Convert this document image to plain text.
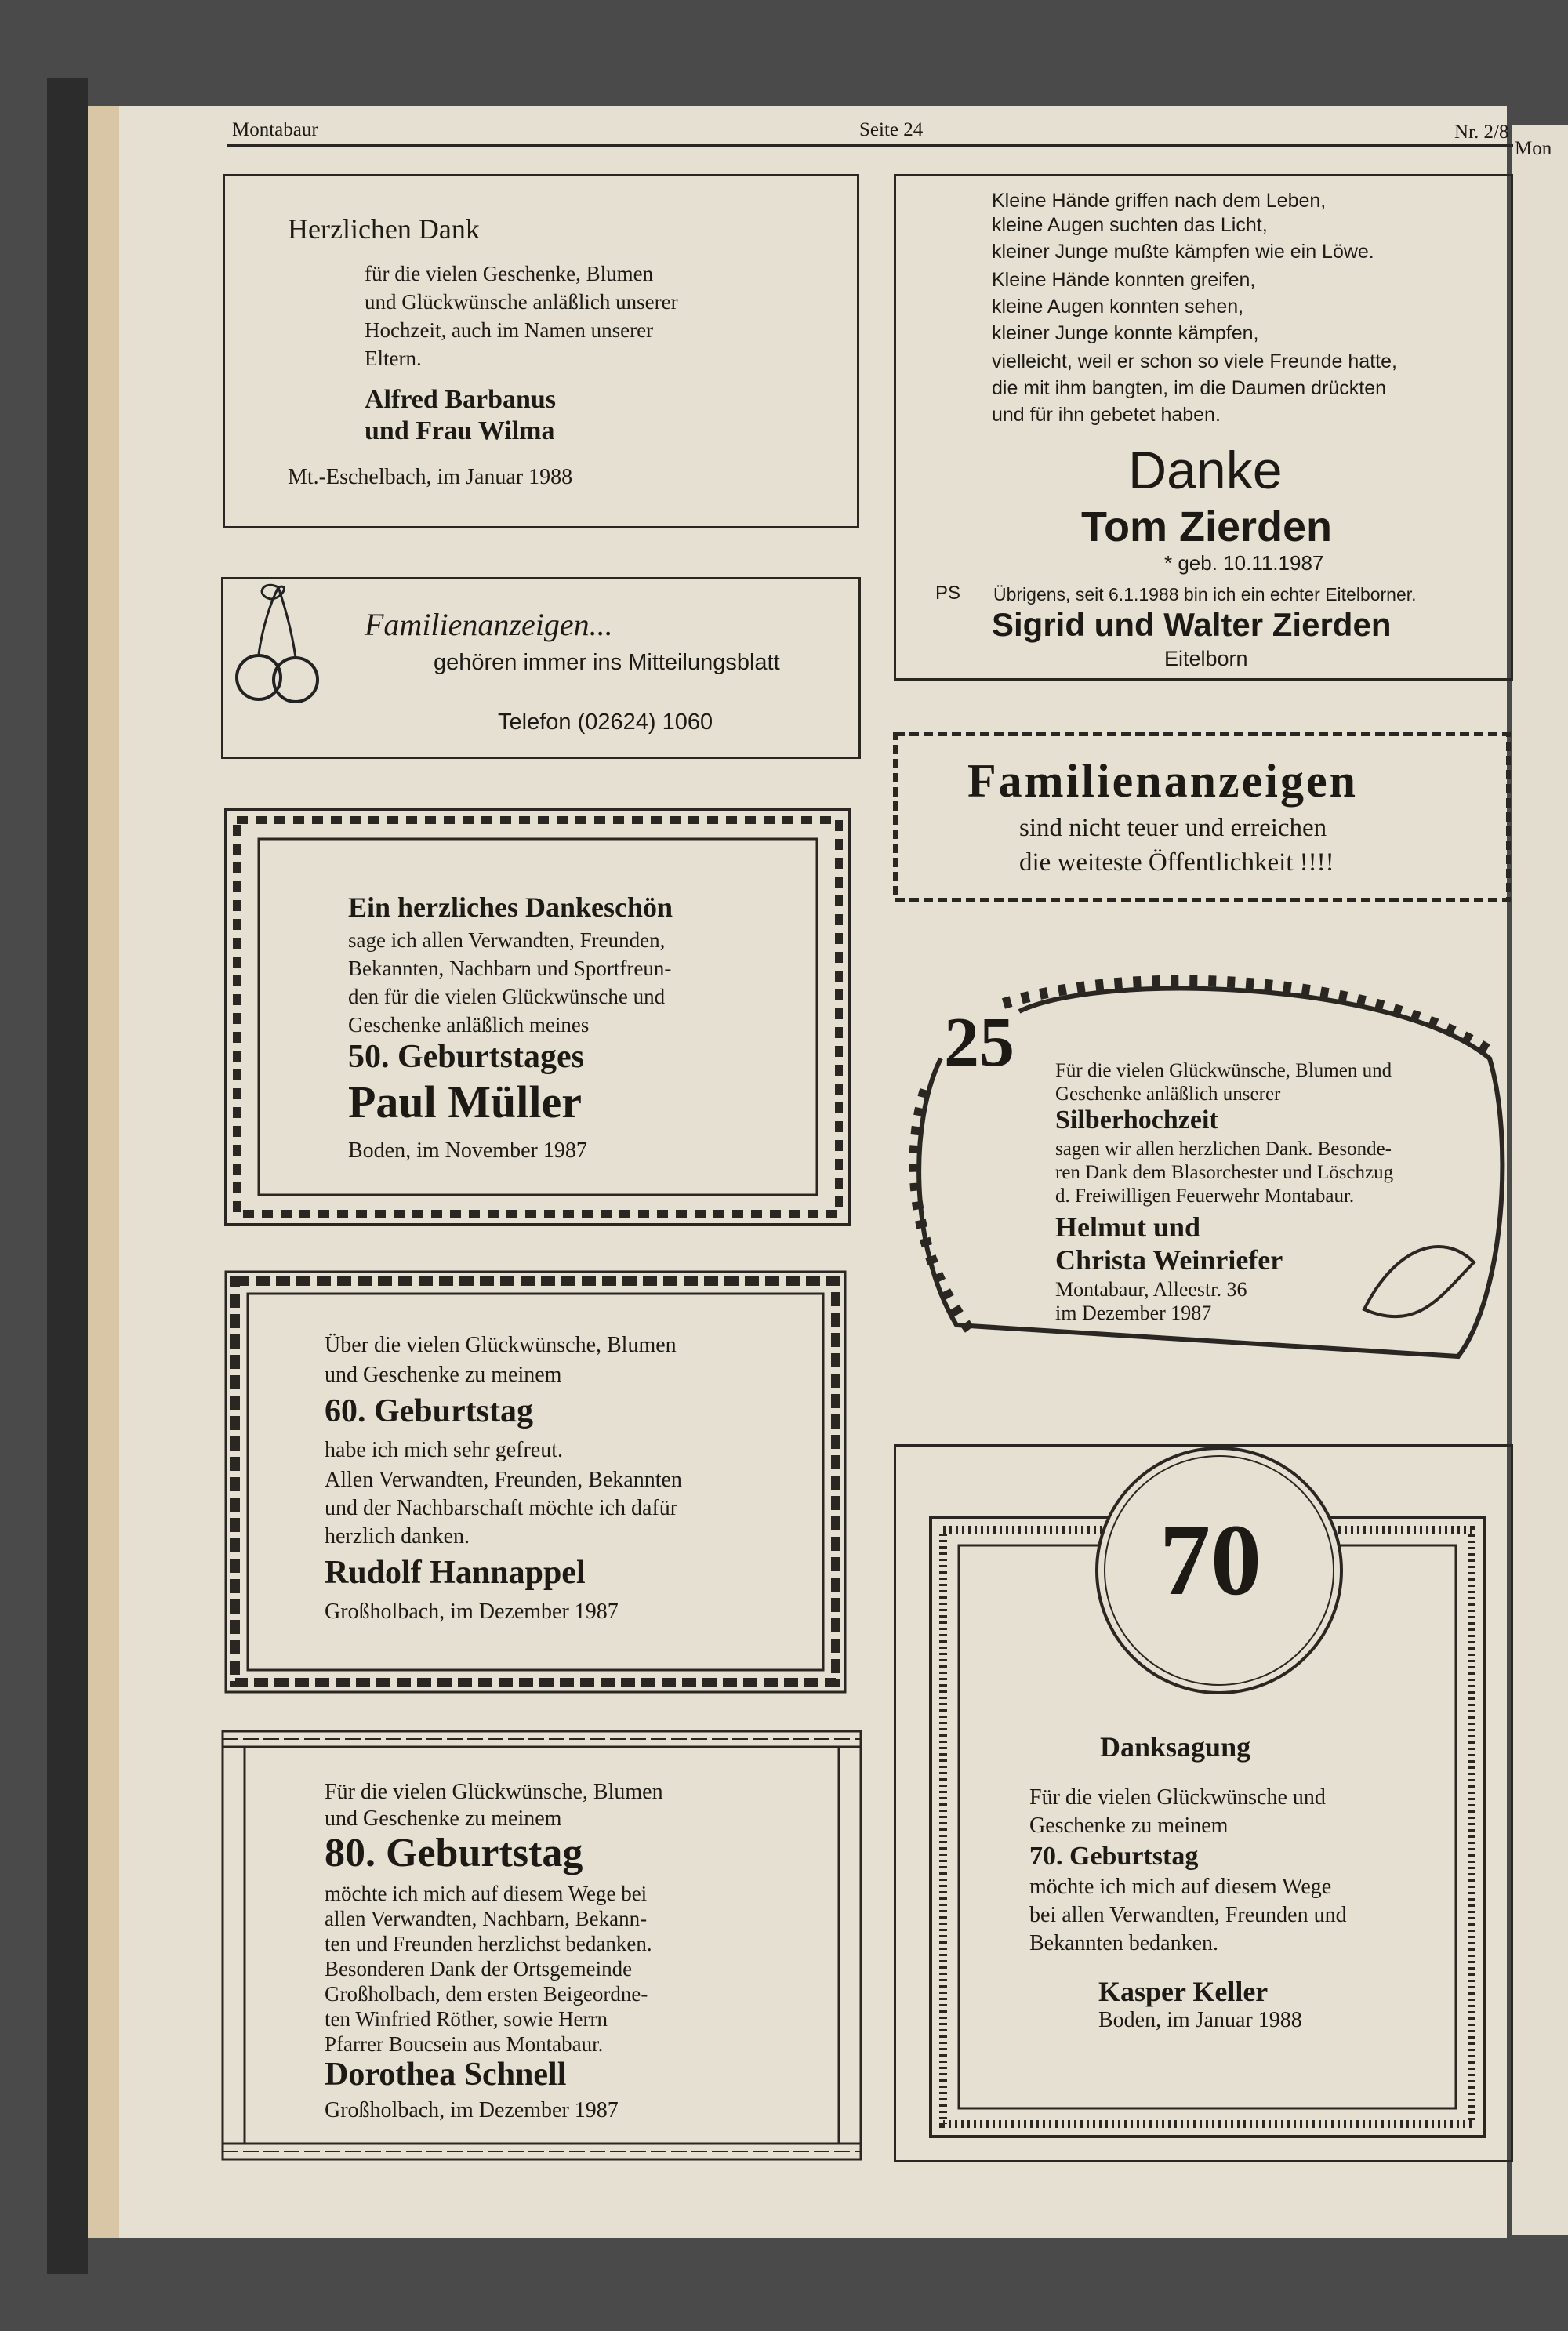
Mon
Montabaur	Seite 24	Nr. 2/8
Herzlichen Dank
für die vielen Geschenke, Blumen
und Glückwünsche anläßlich unserer
Hochzeit, auch im Namen unserer
Eltern.
Alfred Barbanus
und Frau Wilma
Mt.-Eschelbach, im Januar 1988
Familienanzeigen...
gehören immer ins Mitteilungsblatt
Telefon (02624) 1060
Ein herzliches Dankeschön
sage ich allen Verwandten, Freunden,
Bekannten, Nachbarn und Sportfreun-
den für die vielen Glückwünsche und
Geschenke anläßlich meines
50. Geburtstages
Paul Müller
Boden, im November 1987
Über die vielen Glückwünsche, Blumen
und Geschenke zu meinem
60. Geburtstag
habe ich mich sehr gefreut.
Allen Verwandten, Freunden, Bekannten
und der Nachbarschaft möchte ich dafür
herzlich danken.
Rudolf Hannappel
Großholbach, im Dezember 1987
Für die vielen Glückwünsche, Blumen
und Geschenke zu meinem
80. Geburtstag
möchte ich mich auf diesem Wege bei
allen Verwandten, Nachbarn, Bekann-
ten und Freunden herzlichst bedanken.
Besonderen Dank der Ortsgemeinde
Großholbach, dem ersten Beigeordne-
ten Winfried Röther, sowie Herrn
Pfarrer Boucsein aus Montabaur.
Dorothea Schnell
Großholbach, im Dezember 1987
Kleine Hände griffen nach dem Leben,
kleine Augen suchten das Licht,
kleiner Junge mußte kämpfen wie ein Löwe.
Kleine Hände konnten greifen,
kleine Augen konnten sehen,
kleiner Junge konnte kämpfen,
vielleicht, weil er schon so viele Freunde hatte,
die mit ihm bangten, im die Daumen drückten
und für ihn gebetet haben.
Danke
Tom Zierden
* geb. 10.11.1987
PS Übrigens, seit 6.1.1988 bin ich ein echter Eitelborner.
Sigrid und Walter Zierden
Eitelborn
Familienanzeigen
sind nicht teuer und erreichen
die weiteste Öffentlichkeit !!!!
25 Für die vielen Glückwünsche, Blumen und
Geschenke anläßlich unserer
Silberhochzeit
sagen wir allen herzlichen Dank. Besonde-
ren Dank dem Blasorchester und Löschzug
d. Freiwilligen Feuerwehr Montabaur.
Helmut und
Christa Weinriefer
Montabaur, Alleestr. 36
im Dezember 1987
70
Danksagung
Für die vielen Glückwünsche und
Geschenke zu meinem
70. Geburtstag
möchte ich mich auf diesem Wege
bei allen Verwandten, Freunden und
Bekannten bedanken.
Kasper Keller
Boden, im Januar 1988
